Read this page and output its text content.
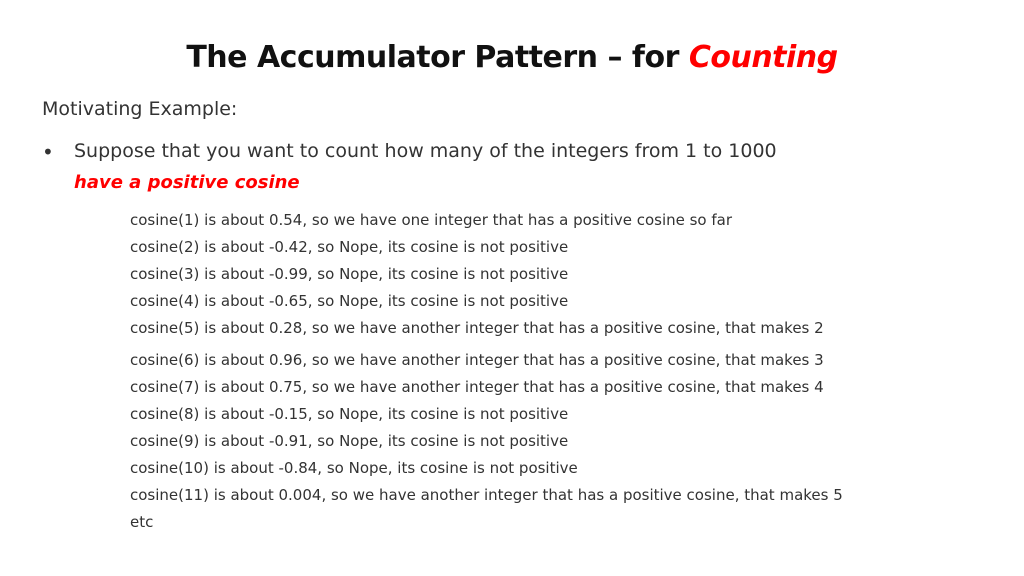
The Accumulator Pattern – for Counting
Motivating Example:
• Suppose that you want to count how many of the integers from 1 to 1000
have a positive cosine
cosine(1) is about 0.54, so we have one integer that has a positive cosine so far
cosine(2) is about -0.42, so Nope, its cosine is not positive
cosine(3) is about -0.99, so Nope, its cosine is not positive
cosine(4) is about -0.65, so Nope, its cosine is not positive
cosine(5) is about 0.28, so we have another integer that has a positive cosine, that makes 2
cosine(6) is about 0.96, so we have another integer that has a positive cosine, that makes 3
cosine(7) is about 0.75, so we have another integer that has a positive cosine, that makes 4
cosine(8) is about -0.15, so Nope, its cosine is not positive
cosine(9) is about -0.91, so Nope, its cosine is not positive
cosine(10) is about -0.84, so Nope, its cosine is not positive
cosine(11) is about 0.004, so we have another integer that has a positive cosine, that makes 5
etc
